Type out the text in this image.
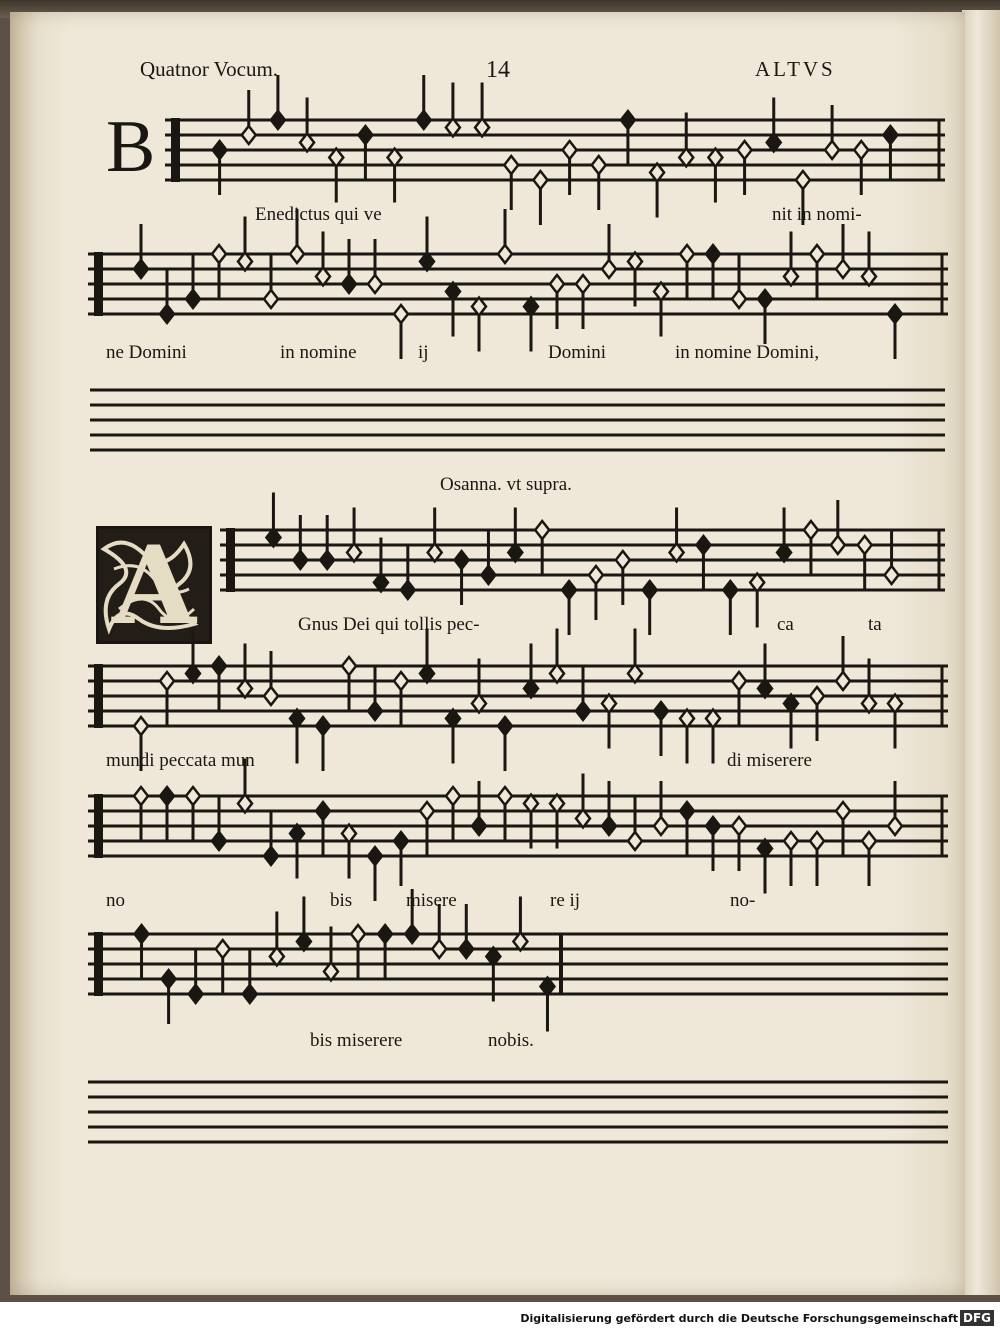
Quatnor Vocum.	14	ALTVS
B
A
Enedictus qui ve	nit in nomi-
ne Domini	in nomine	ij	Domini	in nomine Domini,
Osanna. vt supra.
Gnus Dei qui tollis pec-	ca	ta
mundi peccata mun	di miserere
no	bis	misere	re ij	no-
bis miserere	nobis.
Digitalisierung gefördert durch die Deutsche Forschungsgemeinschaft DFG
